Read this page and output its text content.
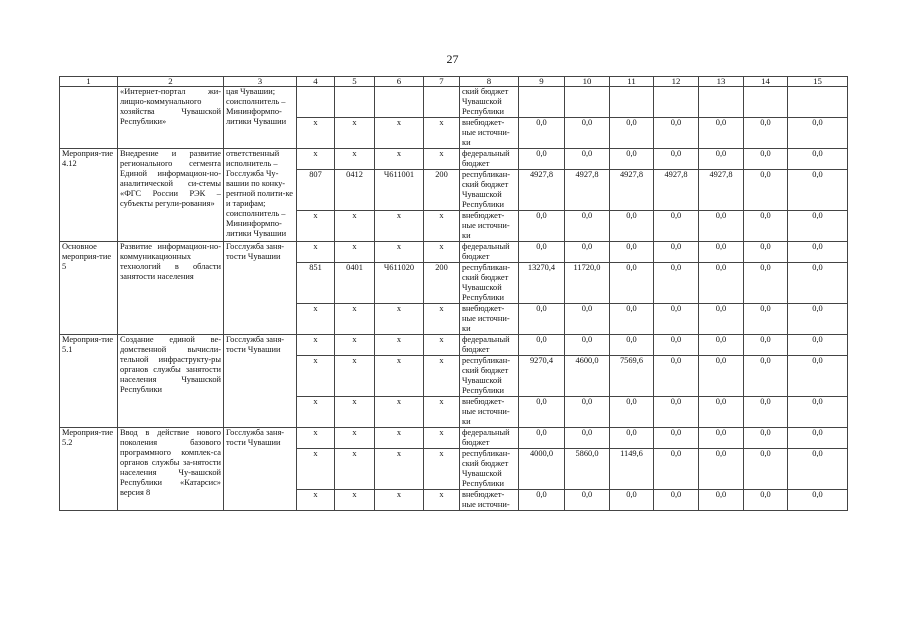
27
1	2	3	4	5	6	7	8	9	10	11	12	13	14	15
	«Интернет-портал жи-лищно-коммунального хозяйства Чувашской Республики»	цая Чувашии; соисполнитель – Мининформпо-литики Чувашии					ский бюджет Чувашской Республики							
			x	x	x	x	внебюджет-ные источни-ки	0,0	0,0	0,0	0,0	0,0	0,0	0,0
Мероприя-тие 4.12	Внедрение и развитие регионального сегмента Единой информацион-но-аналитической си-стемы «ФГС России РЭК – субъекты регули-рования»	ответственный исполнитель – Госслужба Чу-вашии по конку-рентной полити-ке и тарифам; соисполнитель – Мининформпо-литики Чувашии	x	x	x	x	федеральный бюджет	0,0	0,0	0,0	0,0	0,0	0,0	0,0
			807	0412	Ч611001	200	республикан-ский бюджет Чувашской Республики	4927,8	4927,8	4927,8	4927,8	4927,8	0,0	0,0
			x	x	x	x	внебюджет-ные источни-ки	0,0	0,0	0,0	0,0	0,0	0,0	0,0
Основное мероприя-тие 5	Развитие информацион-но-коммуникационных технологий в области занятости населения	Госслужба заня-тости Чувашии	x	x	x	x	федеральный бюджет	0,0	0,0	0,0	0,0	0,0	0,0	0,0
			851	0401	Ч611020	200	республикан-ский бюджет Чувашской Республики	13270,4	11720,0	0,0	0,0	0,0	0,0	0,0
			x	x	x	x	внебюджет-ные источни-ки	0,0	0,0	0,0	0,0	0,0	0,0	0,0
Мероприя-тие 5.1	Создание единой ве-домственной вычисли-тельной инфраструкту-ры органов службы занятости населения Чувашской Республики	Госслужба заня-тости Чувашии	x	x	x	x	федеральный бюджет	0,0	0,0	0,0	0,0	0,0	0,0	0,0
			x	x	x	x	республикан-ский бюджет Чувашской Республики	9270,4	4600,0	7569,6	0,0	0,0	0,0	0,0
			x	x	x	x	внебюджет-ные источни-ки	0,0	0,0	0,0	0,0	0,0	0,0	0,0
Мероприя-тие 5.2	Ввод в действие нового поколения базового программного комплек-са органов службы за-нятости населения Чу-вашской Республики «Катарсис» версия 8	Госслужба заня-тости Чувашии	x	x	x	x	федеральный бюджет	0,0	0,0	0,0	0,0	0,0	0,0	0,0
			x	x	x	x	республикан-ский бюджет Чувашской Республики	4000,0	5860,0	1149,6	0,0	0,0	0,0	0,0
			x	x	x	x	внебюджет-ные источни-	0,0	0,0	0,0	0,0	0,0	0,0	0,0
